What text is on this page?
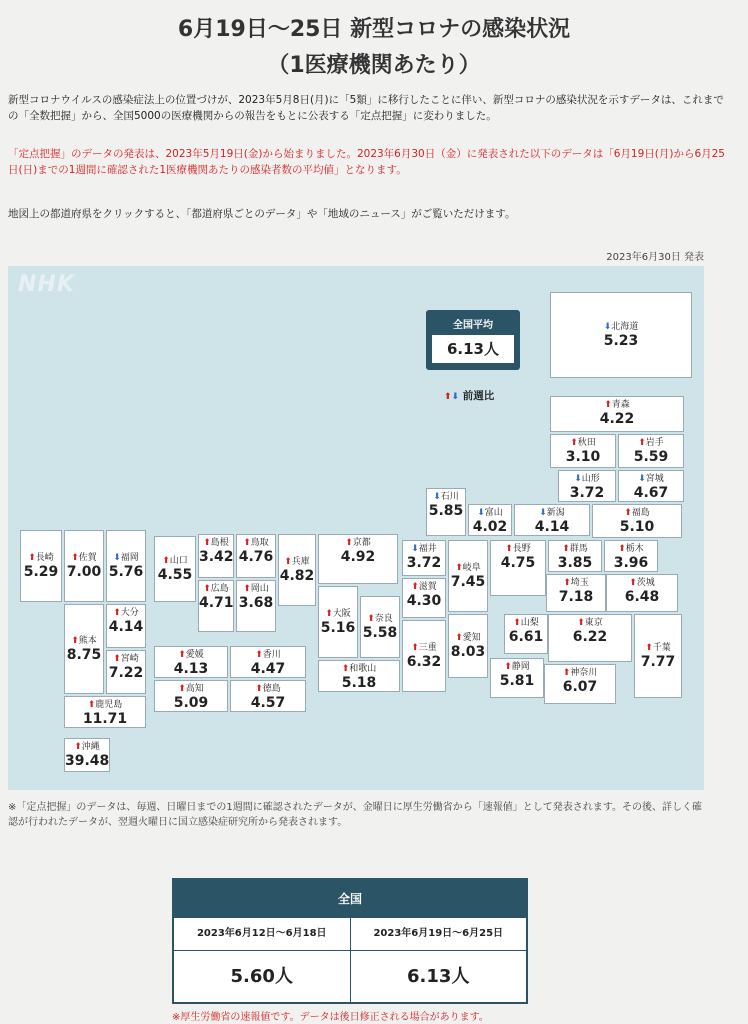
6月19日～25日 新型コロナの感染状況
（1医療機関あたり）
新型コロナウイルスの感染症法上の位置づけが、2023年5月8日(月)に「5類」に移行したことに伴い、新型コロナの感染状況を示すデータは、これまでの「全数把握」から、全国5000の医療機関からの報告をもとに公表する「定点把握」に変わりました。
「定点把握」のデータの発表は、2023年5月19日(金)から始まりました。2023年6月30日（金）に発表された以下のデータは「6月19日(月)から6月25日(日)までの1週間に確認された1医療機関あたりの感染者数の平均値」となります。
地図上の都道府県をクリックすると、「都道府県ごとのデータ」や「地域のニュース」がご覧いただけます。
2023年6月30日 発表
NHK
全国平均
6.13人
⬆⬇ 前週比
⬇北海道
5.23
⬆青森
4.22
⬆秋田
3.10
⬆岩手
5.59
⬇山形
3.72
⬇宮城
4.67
⬇石川
5.85	⬇富山
4.02
⬇新潟
4.14
⬆福島
5.10
⬆長崎
5.29
⬆佐賀
7.00
⬇福岡
5.76
⬆山口
4.55
⬆島根
3.42
⬆鳥取
4.76	⬆兵庫
4.82
⬆京都
4.92	⬇福井
3.72	⬆岐阜
7.45
⬆長野
4.75
⬆群馬
3.85
⬆栃木
3.96
⬆大分
4.14
⬆広島
4.71
⬆岡山
3.68
⬆大阪
5.16
⬆奈良
5.58
⬆滋賀
4.30
⬆埼玉
7.18
⬆茨城
6.48
⬆熊本
8.75	⬆宮崎
7.22
⬆愛媛
4.13
⬆香川
4.47
⬆高知
5.09
⬆徳島
4.57
⬆和歌山
5.18
⬆三重
6.32
⬆愛知
8.03
⬆山梨
6.61
⬆東京
6.22
⬆千葉
7.77
⬆静岡
5.81	⬆神奈川
6.07
⬆鹿児島
11.71
⬆沖縄
39.48
※「定点把握」のデータは、毎週、日曜日までの1週間に確認されたデータが、金曜日に厚生労働省から「速報値」として発表されます。その後、詳しく確認が行われたデータが、翌週火曜日に国立感染症研究所から発表されます。
全国
2023年6月12日～6月18日
5.60人
2023年6月19日～6月25日
6.13人
※厚生労働省の速報値です。データは後日修正される場合があります。
